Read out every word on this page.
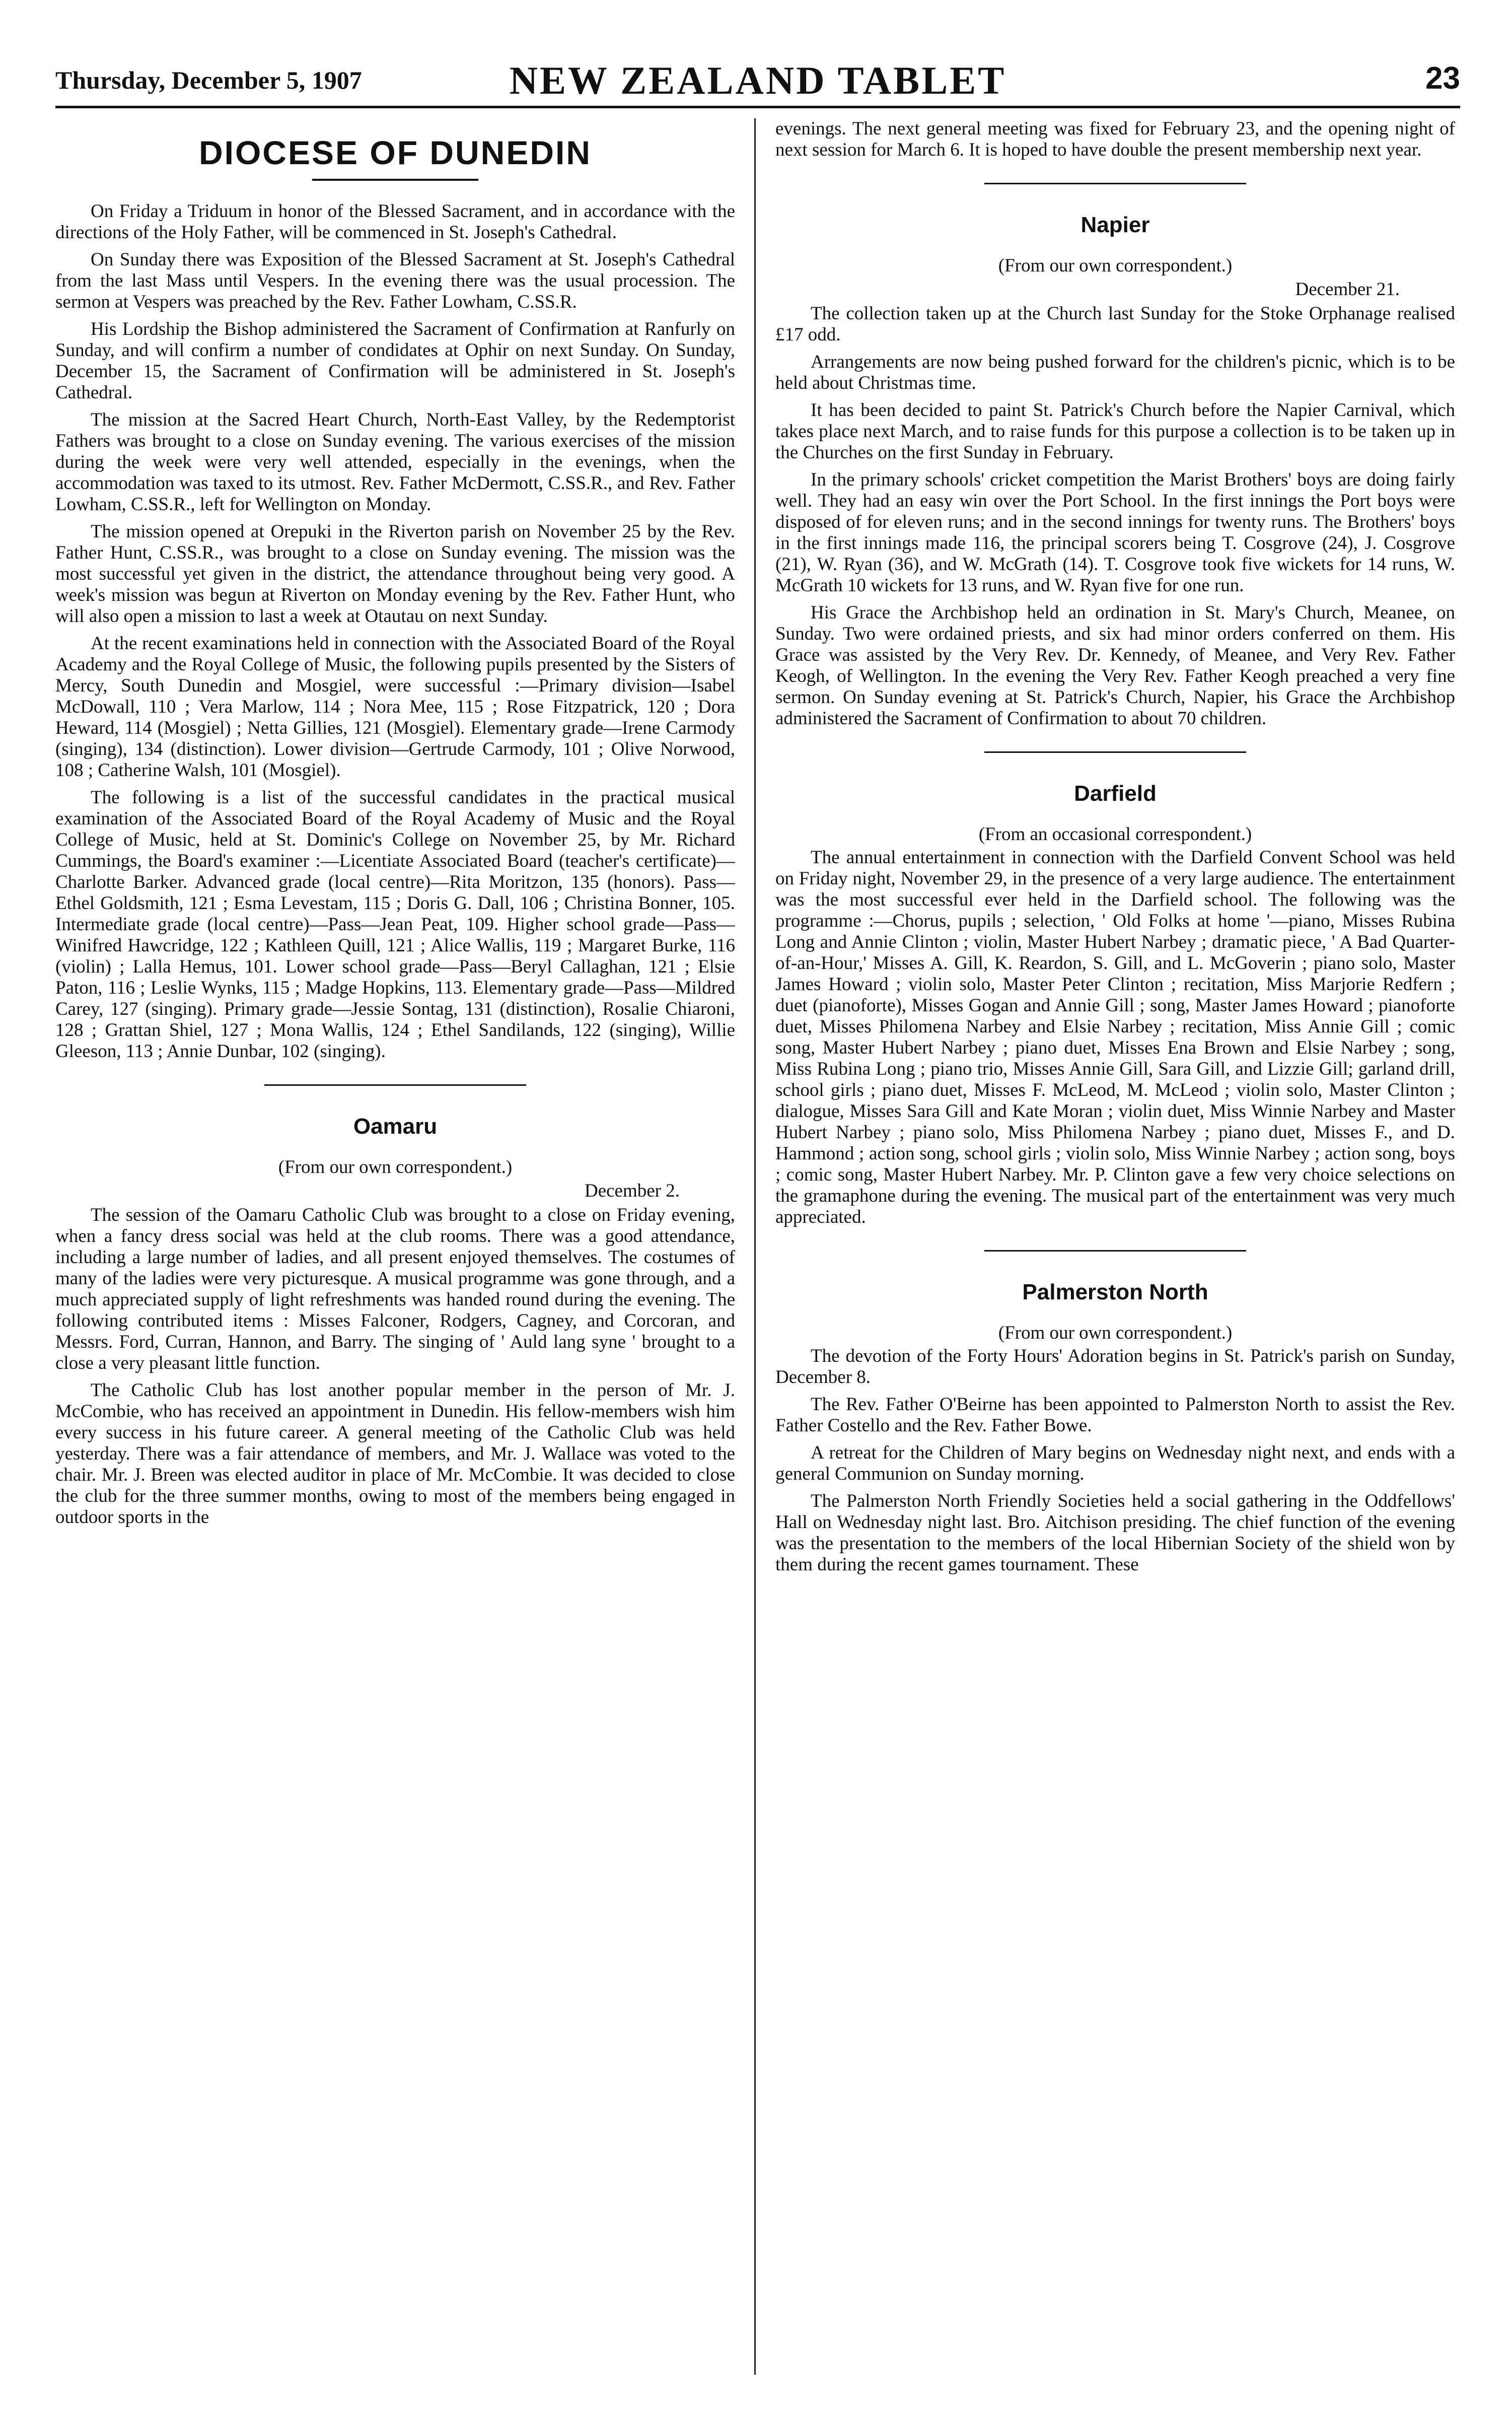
Thursday, December 5, 1907	NEW ZEALAND TABLET	23
DIOCESE OF DUNEDIN

On Friday a Triduum in honor of the Blessed Sacrament, and in accordance with the directions of the Holy Father, will be commenced in St. Joseph's Cathedral.

On Sunday there was Exposition of the Blessed Sacrament at St. Joseph's Cathedral from the last Mass until Vespers. In the evening there was the usual procession. The sermon at Vespers was preached by the Rev. Father Lowham, C.SS.R.

His Lordship the Bishop administered the Sacrament of Confirmation at Ranfurly on Sunday, and will confirm a number of condidates at Ophir on next Sunday. On Sunday, December 15, the Sacrament of Confirmation will be administered in St. Joseph's Cathedral.

The mission at the Sacred Heart Church, North-East Valley, by the Redemptorist Fathers was brought to a close on Sunday evening. The various exercises of the mission during the week were very well attended, especially in the evenings, when the accommodation was taxed to its utmost. Rev. Father McDermott, C.SS.R., and Rev. Father Lowham, C.SS.R., left for Wellington on Monday.

The mission opened at Orepuki in the Riverton parish on November 25 by the Rev. Father Hunt, C.SS.R., was brought to a close on Sunday evening. The mission was the most successful yet given in the district, the attendance throughout being very good. A week's mission was begun at Riverton on Monday evening by the Rev. Father Hunt, who will also open a mission to last a week at Otautau on next Sunday.

At the recent examinations held in connection with the Associated Board of the Royal Academy and the Royal College of Music, the following pupils presented by the Sisters of Mercy, South Dunedin and Mosgiel, were successful :—Primary division—Isabel McDowall, 110 ; Vera Marlow, 114 ; Nora Mee, 115 ; Rose Fitzpatrick, 120 ; Dora Heward, 114 (Mosgiel) ; Netta Gillies, 121 (Mosgiel). Elementary grade—Irene Carmody (singing), 134 (distinction). Lower division—Gertrude Carmody, 101 ; Olive Norwood, 108 ; Catherine Walsh, 101 (Mosgiel).

The following is a list of the successful candidates in the practical musical examination of the Associated Board of the Royal Academy of Music and the Royal College of Music, held at St. Dominic's College on November 25, by Mr. Richard Cummings, the Board's examiner :—Licentiate Associated Board (teacher's certificate)—Charlotte Barker. Advanced grade (local centre)—Rita Moritzon, 135 (honors). Pass—Ethel Goldsmith, 121 ; Esma Levestam, 115 ; Doris G. Dall, 106 ; Christina Bonner, 105. Intermediate grade (local centre)—Pass—Jean Peat, 109. Higher school grade—Pass—Winifred Hawcridge, 122 ; Kathleen Quill, 121 ; Alice Wallis, 119 ; Margaret Burke, 116 (violin) ; Lalla Hemus, 101. Lower school grade—Pass—Beryl Callaghan, 121 ; Elsie Paton, 116 ; Leslie Wynks, 115 ; Madge Hopkins, 113. Elementary grade—Pass—Mildred Carey, 127 (singing). Primary grade—Jessie Sontag, 131 (distinction), Rosalie Chiaroni, 128 ; Grattan Shiel, 127 ; Mona Wallis, 124 ; Ethel Sandilands, 122 (singing), Willie Gleeson, 113 ; Annie Dunbar, 102 (singing).

Oamaru
(From our own correspondent.)
December 2.

The session of the Oamaru Catholic Club was brought to a close on Friday evening, when a fancy dress social was held at the club rooms. There was a good attendance, including a large number of ladies, and all present enjoyed themselves. The costumes of many of the ladies were very picturesque. A musical programme was gone through, and a much appreciated supply of light refreshments was handed round during the evening. The following contributed items : Misses Falconer, Rodgers, Cagney, and Corcoran, and Messrs. Ford, Curran, Hannon, and Barry. The singing of ' Auld lang syne ' brought to a close a very pleasant little function.

The Catholic Club has lost another popular member in the person of Mr. J. McCombie, who has received an appointment in Dunedin. His fellow-members wish him every success in his future career. A general meeting of the Catholic Club was held yesterday. There was a fair attendance of members, and Mr. J. Wallace was voted to the chair. Mr. J. Breen was elected auditor in place of Mr. McCombie. It was decided to close the club for the three summer months, owing to most of the members being engaged in outdoor sports in the

evenings. The next general meeting was fixed for February 23, and the opening night of next session for March 6. It is hoped to have double the present membership next year.

Napier
(From our own correspondent.)
December 21.

The collection taken up at the Church last Sunday for the Stoke Orphanage realised £17 odd.

Arrangements are now being pushed forward for the children's picnic, which is to be held about Christmas time.

It has been decided to paint St. Patrick's Church before the Napier Carnival, which takes place next March, and to raise funds for this purpose a collection is to be taken up in the Churches on the first Sunday in February.

In the primary schools' cricket competition the Marist Brothers' boys are doing fairly well. They had an easy win over the Port School. In the first innings the Port boys were disposed of for eleven runs; and in the second innings for twenty runs. The Brothers' boys in the first innings made 116, the principal scorers being T. Cosgrove (24), J. Cosgrove (21), W. Ryan (36), and W. McGrath (14). T. Cosgrove took five wickets for 14 runs, W. McGrath 10 wickets for 13 runs, and W. Ryan five for one run.

His Grace the Archbishop held an ordination in St. Mary's Church, Meanee, on Sunday. Two were ordained priests, and six had minor orders conferred on them. His Grace was assisted by the Very Rev. Dr. Kennedy, of Meanee, and Very Rev. Father Keogh, of Wellington. In the evening the Very Rev. Father Keogh preached a very fine sermon. On Sunday evening at St. Patrick's Church, Napier, his Grace the Archbishop administered the Sacrament of Confirmation to about 70 children.

Darfield
(From an occasional correspondent.)

The annual entertainment in connection with the Darfield Convent School was held on Friday night, November 29, in the presence of a very large audience. The entertainment was the most successful ever held in the Darfield school. The following was the programme :—Chorus, pupils ; selection, ' Old Folks at home '—piano, Misses Rubina Long and Annie Clinton ; violin, Master Hubert Narbey ; dramatic piece, ' A Bad Quarter-of-an-Hour,' Misses A. Gill, K. Reardon, S. Gill, and L. McGoverin ; piano solo, Master James Howard ; violin solo, Master Peter Clinton ; recitation, Miss Marjorie Redfern ; duet (pianoforte), Misses Gogan and Annie Gill ; song, Master James Howard ; pianoforte duet, Misses Philomena Narbey and Elsie Narbey ; recitation, Miss Annie Gill ; comic song, Master Hubert Narbey ; piano duet, Misses Ena Brown and Elsie Narbey ; song, Miss Rubina Long ; piano trio, Misses Annie Gill, Sara Gill, and Lizzie Gill; garland drill, school girls ; piano duet, Misses F. McLeod, M. McLeod ; violin solo, Master Clinton ; dialogue, Misses Sara Gill and Kate Moran ; violin duet, Miss Winnie Narbey and Master Hubert Narbey ; piano solo, Miss Philomena Narbey ; piano duet, Misses F., and D. Hammond ; action song, school girls ; violin solo, Miss Winnie Narbey ; action song, boys ; comic song, Master Hubert Narbey. Mr. P. Clinton gave a few very choice selections on the gramaphone during the evening. The musical part of the entertainment was very much appreciated.

Palmerston North
(From our own correspondent.)

The devotion of the Forty Hours' Adoration begins in St. Patrick's parish on Sunday, December 8.

The Rev. Father O'Beirne has been appointed to Palmerston North to assist the Rev. Father Costello and the Rev. Father Bowe.

A retreat for the Children of Mary begins on Wednesday night next, and ends with a general Communion on Sunday morning.

The Palmerston North Friendly Societies held a social gathering in the Oddfellows' Hall on Wednesday night last. Bro. Aitchison presiding. The chief function of the evening was the presentation to the members of the local Hibernian Society of the shield won by them during the recent games tournament. These
